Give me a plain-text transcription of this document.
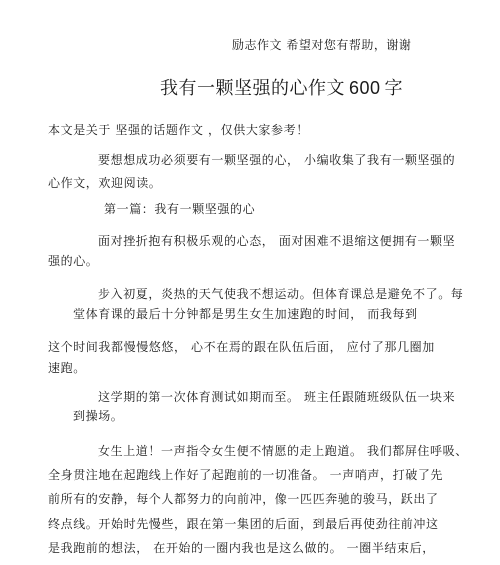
励志作文 希望对您有帮助，谢谢
我有一颗坚强的心作文 600 字
本文是关于 坚强的话题作文 ，仅供大家参考！
要想想成功必须要有一颗坚强的心， 小编收集了我有一颗坚强的
心作文，欢迎阅读。
第一篇：我有一颗坚强的心
面对挫折抱有积极乐观的心态， 面对困难不退缩这便拥有一颗坚
强的心。
步入初夏，炎热的天气使我不想运动。但体育课总是避免不了。每
堂体育课的最后十分钟都是男生女生加速跑的时间， 而我每到
这个时间我都慢慢悠悠， 心不在焉的跟在队伍后面， 应付了那几圈加
速跑。
这学期的第一次体育测试如期而至。 班主任跟随班级队伍一块来
到操场。
女生上道！一声指令女生便不情愿的走上跑道。 我们都屏住呼吸、
全身贯注地在起跑线上作好了起跑前的一切准备。 一声哨声，打破了先
前所有的安静，每个人都努力的向前冲，像一匹匹奔驰的骏马，跃出了
终点线。开始时先慢些，跟在第一集团的后面，到最后再使劲往前冲这
是我跑前的想法， 在开始的一圈内我也是这么做的。 一圈半结束后，
